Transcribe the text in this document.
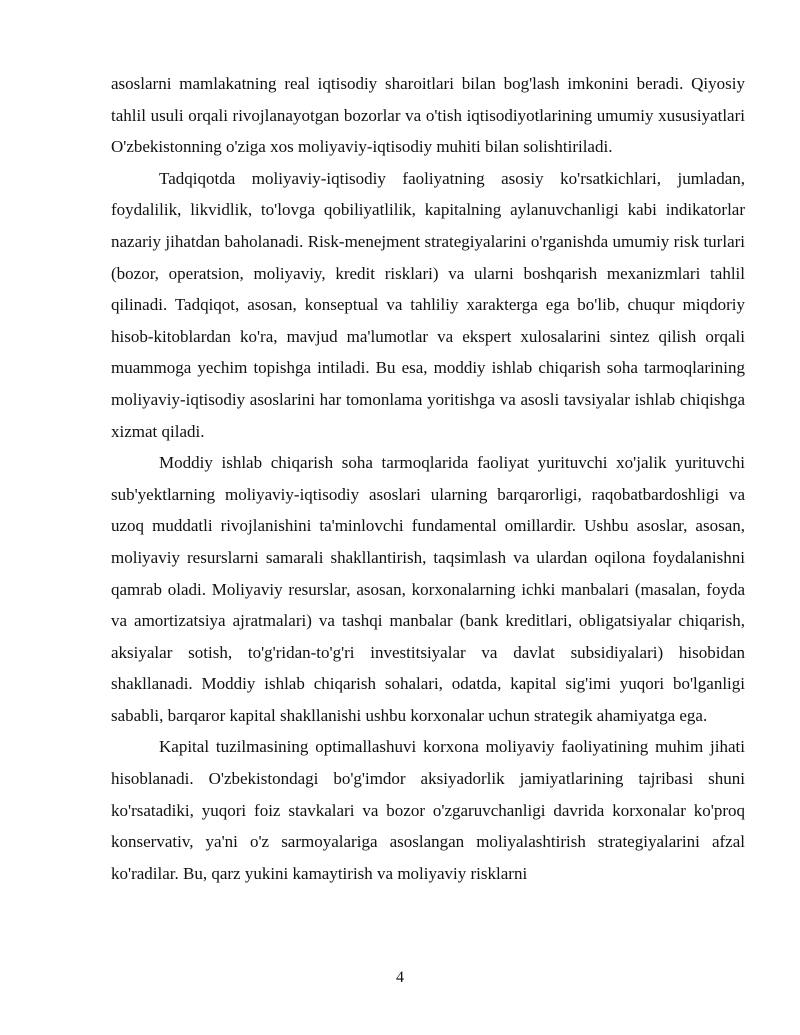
asoslarni mamlakatning real iqtisodiy sharoitlari bilan bog'lash imkonini beradi. Qiyosiy tahlil usuli orqali rivojlanayotgan bozorlar va o'tish iqtisodiyotlarining umumiy xususiyatlari O'zbekistonning o'ziga xos moliyaviy-iqtisodiy muhiti bilan solishtiriladi.

Tadqiqotda moliyaviy-iqtisodiy faoliyatning asosiy ko'rsatkichlari, jumladan, foydalilik, likvidlik, to'lovga qobiliyatlilik, kapitalning aylanuvchanligi kabi indikatorlar nazariy jihatdan baholanadi. Risk-menejment strategiyalarini o'rganishda umumiy risk turlari (bozor, operatsion, moliyaviy, kredit risklari) va ularni boshqarish mexanizmlari tahlil qilinadi. Tadqiqot, asosan, konseptual va tahliliy xarakterga ega bo'lib, chuqur miqdoriy hisob-kitoblardan ko'ra, mavjud ma'lumotlar va ekspert xulosalarini sintez qilish orqali muammoga yechim topishga intiladi. Bu esa, moddiy ishlab chiqarish soha tarmoqlarining moliyaviy-iqtisodiy asoslarini har tomonlama yoritishga va asosli tavsiyalar ishlab chiqishga xizmat qiladi.

Moddiy ishlab chiqarish soha tarmoqlarida faoliyat yurituvchi xo'jalik yurituvchi sub'yektlarning moliyaviy-iqtisodiy asoslari ularning barqarorligi, raqobatbardoshligi va uzoq muddatli rivojlanishini ta'minlovchi fundamental omillardir. Ushbu asoslar, asosan, moliyaviy resurslarni samarali shakllantirish, taqsimlash va ulardan oqilona foydalanishni qamrab oladi. Moliyaviy resurslar, asosan, korxonalarning ichki manbalari (masalan, foyda va amortizatsiya ajratmalari) va tashqi manbalar (bank kreditlari, obligatsiyalar chiqarish, aksiyalar sotish, to'g'ridan-to'g'ri investitsiyalar va davlat subsidiyalari) hisobidan shakllanadi. Moddiy ishlab chiqarish sohalari, odatda, kapital sig'imi yuqori bo'lganligi sababli, barqaror kapital shakllanishi ushbu korxonalar uchun strategik ahamiyatga ega.

Kapital tuzilmasining optimallashuvi korxona moliyaviy faoliyatining muhim jihati hisoblanadi. O'zbekistondagi bo'g'imdor aksiyadorlik jamiyatlarining tajribasi shuni ko'rsatadiki, yuqori foiz stavkalari va bozor o'zgaruvchanligi davrida korxonalar ko'proq konservativ, ya'ni o'z sarmoyalariga asoslangan moliyalashtirish strategiyalarini afzal ko'radilar. Bu, qarz yukini kamaytirish va moliyaviy risklarni

4
